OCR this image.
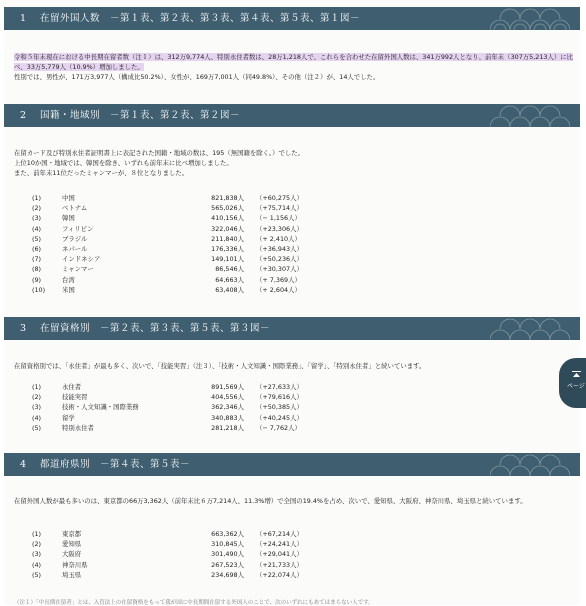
1 在留外国人数　－第１表、第２表、第３表、第４表、第５表、第１図－
令和５年末現在における中長期在留者数（注１）は、312万9,774人、特別永住者数は、28万1,218人で、これらを合わせた在留外国人数は、341万992人となり、前年末（307万5,213人）に比べ、33万5,779人（10.9%）増加しました。
性別では、男性が、171万3,977人（構成比50.2%）、女性が、169万7,001人（同49.8%）、その他（注２）が、14人でした。
2 国籍・地域別　－第１表、第２表、第２図－
在留カード及び特別永住者証明書上に表記された国籍・地域の数は、195（無国籍を除く。）でした。
上位10か国・地域では、韓国を除き、いずれも前年末に比べ増加しました。
また、前年末11位だったミャンマーが、８位となりました。
(1)	中国	821,838人 （+60,275人）
(2)	ベトナム	565,026人 （+75,714人）
(3)	韓国	410,156人 （− 1,156人）
(4)	フィリピン	322,046人 （+23,306人）
(5)	ブラジル	211,840人 （+ 2,410人）
(6)	ネパール	176,336人 （+36,943人）
(7)	インドネシア	149,101人 （+50,236人）
(8)	ミャンマー	86,546人 （+30,307人）
(9)	台湾	64,663人 （+ 7,369人）
(10)	米国	63,408人 （+ 2,604人）
3 在留資格別　－第２表、第３表、第５表、第３図－
在留資格別では、「永住者」が最も多く、次いで、「技能実習」（注３）、「技術・人文知識・国際業務」、「留学」、「特別永住者」と続いています。
(1)	永住者	891,569人 （+27,633人）
(2)	技能実習	404,556人 （+79,616人）
(3)	技術・人文知識・国際業務	362,346人 （+50,385人）
(4)	留学	340,883人 （+40,245人）
(5)	特別永住者	281,218人 （− 7,762人）
4 都道府県別　－第４表、第５表－
在留外国人数が最も多いのは、東京都の66万3,362人（前年末比６万7,214人、11.3%増）で全国の19.4%を占め、次いで、愛知県、大阪府、神奈川県、埼玉県と続いています。
(1)	東京都	663,362人 （+67,214人）
(2)	愛知県	310,845人 （+24,241人）
(3)	大阪府	301,490人 （+29,041人）
(4)	神奈川県	267,523人 （+21,733人）
(5)	埼玉県	234,698人 （+22,074人）
（注１）「中長期在留者」とは、入管法上の在留資格をもって我が国に中長期間在留する外国人のことで、次のいずれにもあてはまらない人です。
ページ
